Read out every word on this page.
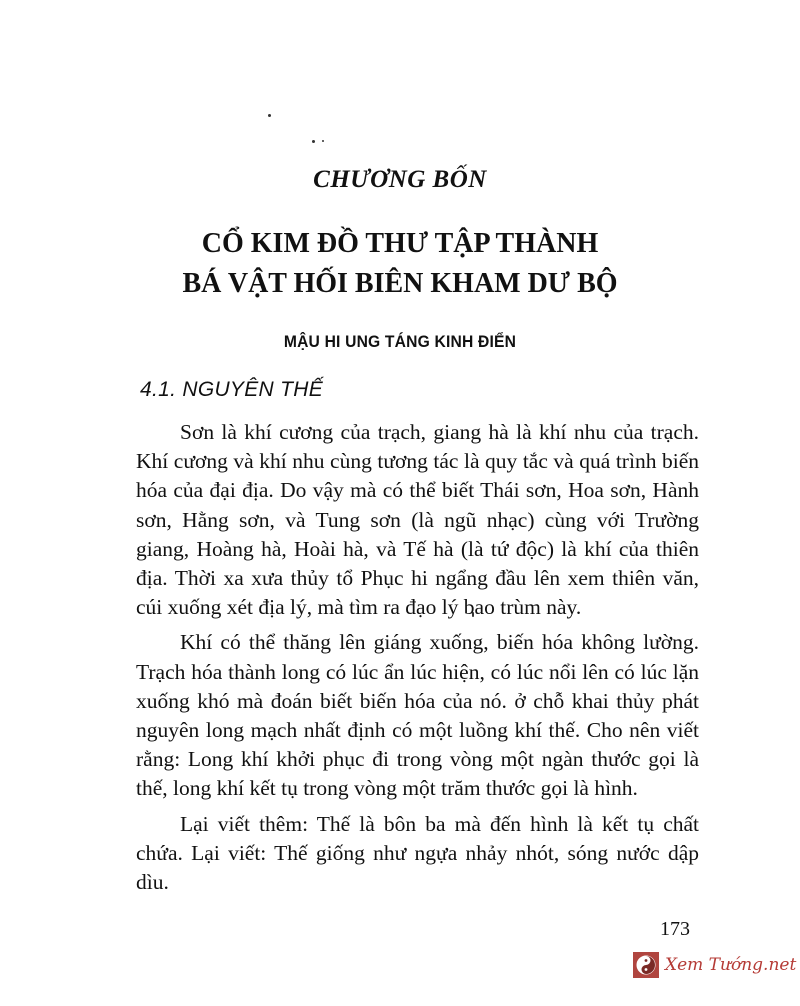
CHƯƠNG BỐN
CỔ KIM ĐỒ THƯ TẬP THÀNH
BÁ VẬT HỐI BIÊN KHAM DƯ BỘ
MẬU HI UNG TÁNG KINH ĐIỂN
4.1. NGUYÊN THẾ

Sơn là khí cương của trạch, giang hà là khí nhu của trạch. Khí cương và khí nhu cùng tương tác là quy tắc và quá trình biến hóa của đại địa. Do vậy mà có thể biết Thái sơn, Hoa sơn, Hành sơn, Hằng sơn, và Tung sơn (là ngũ nhạc) cùng với Trường giang, Hoàng hà, Hoài hà, và Tế hà (là tứ độc) là khí của thiên địa. Thời xa xưa thủy tổ Phục hi ngẩng đầu lên xem thiên văn, cúi xuống xét địa lý, mà tìm ra đạo lý bao trùm này.

Khí có thể thăng lên giáng xuống, biến hóa không lường. Trạch hóa thành long có lúc ẩn lúc hiện, có lúc nổi lên có lúc lặn xuống khó mà đoán biết biến hóa của nó. ở chỗ khai thủy phát nguyên long mạch nhất định có một luồng khí thế. Cho nên viết rằng: Long khí khởi phục đi trong vòng một ngàn thước gọi là thế, long khí kết tụ trong vòng một trăm thước gọi là hình.

Lại viết thêm: Thế là bôn ba mà đến hình là kết tụ chất chứa. Lại viết: Thế giống như ngựa nhảy nhót, sóng nước dập dìu.

173
Xem Tướng.net
